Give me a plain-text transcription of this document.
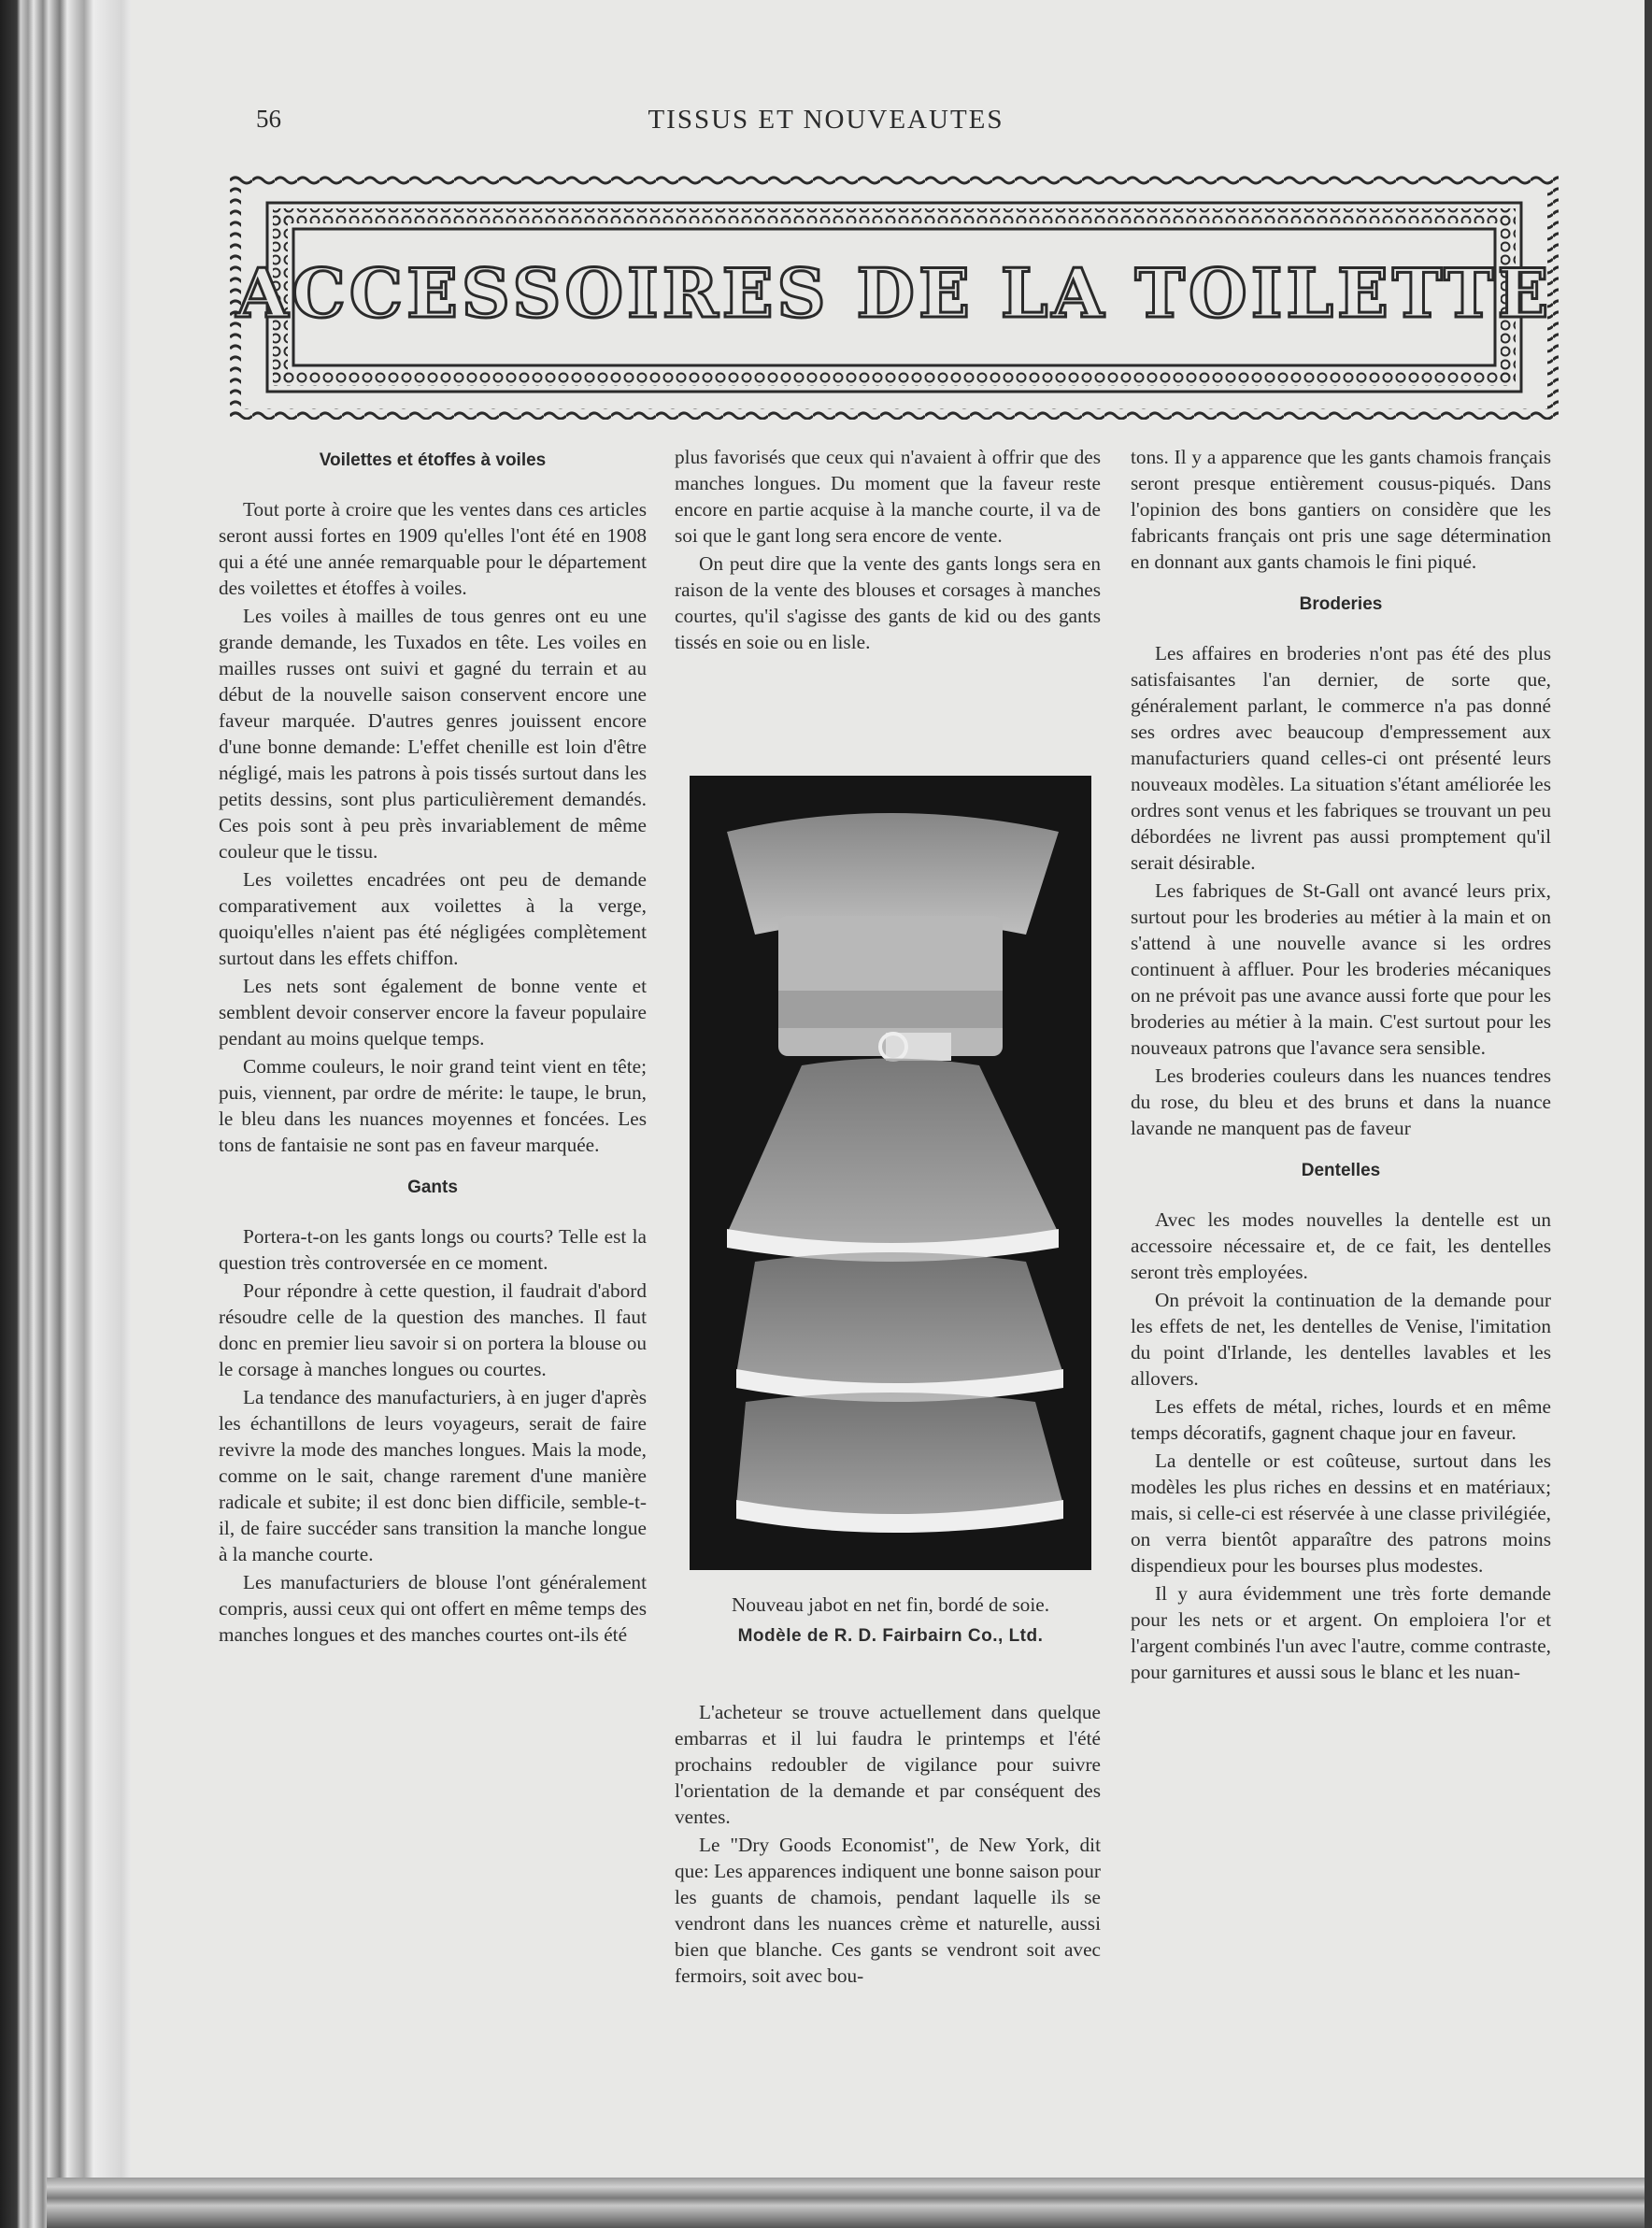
56	TISSUS ET NOUVEAUTES
ACCESSOIRES DE LA TOILETTE
Voilettes et étoffes à voiles

Tout porte à croire que les ventes dans ces articles seront aussi fortes en 1909 qu'elles l'ont été en 1908 qui a été une année remarquable pour le département des voilettes et étoffes à voiles.

Les voiles à mailles de tous genres ont eu une grande demande, les Tuxados en tête. Les voiles en mailles russes ont suivi et gagné du terrain et au début de la nouvelle saison conservent encore une faveur marquée. D'autres genres jouissent encore d'une bonne demande: L'effet chenille est loin d'être négligé, mais les patrons à pois tissés surtout dans les petits dessins, sont plus particulièrement demandés. Ces pois sont à peu près invariablement de même couleur que le tissu.

Les voilettes encadrées ont peu de demande comparativement aux voilettes à la verge, quoiqu'elles n'aient pas été négligées complètement surtout dans les effets chiffon.

Les nets sont également de bonne vente et semblent devoir conserver encore la faveur populaire pendant au moins quelque temps.

Comme couleurs, le noir grand teint vient en tête; puis, viennent, par ordre de mérite: le taupe, le brun, le bleu dans les nuances moyennes et foncées. Les tons de fantaisie ne sont pas en faveur marquée.

Gants

Portera-t-on les gants longs ou courts? Telle est la question très controversée en ce moment.

Pour répondre à cette question, il faudrait d'abord résoudre celle de la question des manches. Il faut donc en premier lieu savoir si on portera la blouse ou le corsage à manches longues ou courtes.

La tendance des manufacturiers, à en juger d'après les échantillons de leurs voyageurs, serait de faire revivre la mode des manches longues. Mais la mode, comme on le sait, change rarement d'une manière radicale et subite; il est donc bien difficile, semble-t-il, de faire succéder sans transition la manche longue à la manche courte.

Les manufacturiers de blouse l'ont généralement compris, aussi ceux qui ont offert en même temps des manches longues et des manches courtes ont-ils été

plus favorisés que ceux qui n'avaient à offrir que des manches longues. Du moment que la faveur reste encore en partie acquise à la manche courte, il va de soi que le gant long sera encore de vente.

On peut dire que la vente des gants longs sera en raison de la vente des blouses et corsages à manches courtes, qu'il s'agisse des gants de kid ou des gants tissés en soie ou en lisle.

Nouveau jabot en net fin, bordé de soie.
Modèle de R. D. Fairbairn Co., Ltd.

L'acheteur se trouve actuellement dans quelque embarras et il lui faudra le printemps et l'été prochains redoubler de vigilance pour suivre l'orientation de la demande et par conséquent des ventes.

Le "Dry Goods Economist", de New York, dit que: Les apparences indiquent une bonne saison pour les guants de chamois, pendant laquelle ils se vendront dans les nuances crème et naturelle, aussi bien que blanche. Ces gants se vendront soit avec fermoirs, soit avec bou-

tons. Il y a apparence que les gants chamois français seront presque entièrement cousus-piqués. Dans l'opinion des bons gantiers on considère que les fabricants français ont pris une sage détermination en donnant aux gants chamois le fini piqué.

Broderies

Les affaires en broderies n'ont pas été des plus satisfaisantes l'an dernier, de sorte que, généralement parlant, le commerce n'a pas donné ses ordres avec beaucoup d'empressement aux manufacturiers quand celles-ci ont présenté leurs nouveaux modèles. La situation s'étant améliorée les ordres sont venus et les fabriques se trouvant un peu débordées ne livrent pas aussi promptement qu'il serait désirable.

Les fabriques de St-Gall ont avancé leurs prix, surtout pour les broderies au métier à la main et on s'attend à une nouvelle avance si les ordres continuent à affluer. Pour les broderies mécaniques on ne prévoit pas une avance aussi forte que pour les broderies au métier à la main. C'est surtout pour les nouveaux patrons que l'avance sera sensible.

Les broderies couleurs dans les nuances tendres du rose, du bleu et des bruns et dans la nuance lavande ne manquent pas de faveur

Dentelles

Avec les modes nouvelles la dentelle est un accessoire nécessaire et, de ce fait, les dentelles seront très employées.

On prévoit la continuation de la demande pour les effets de net, les dentelles de Venise, l'imitation du point d'Irlande, les dentelles lavables et les allovers.

Les effets de métal, riches, lourds et en même temps décoratifs, gagnent chaque jour en faveur.

La dentelle or est coûteuse, surtout dans les modèles les plus riches en dessins et en matériaux; mais, si celle-ci est réservée à une classe privilégiée, on verra bientôt apparaître des patrons moins dispendieux pour les bourses plus modestes.

Il y aura évidemment une très forte demande pour les nets or et argent. On emploiera l'or et l'argent combinés l'un avec l'autre, comme contraste, pour garnitures et aussi sous le blanc et les nuan-
